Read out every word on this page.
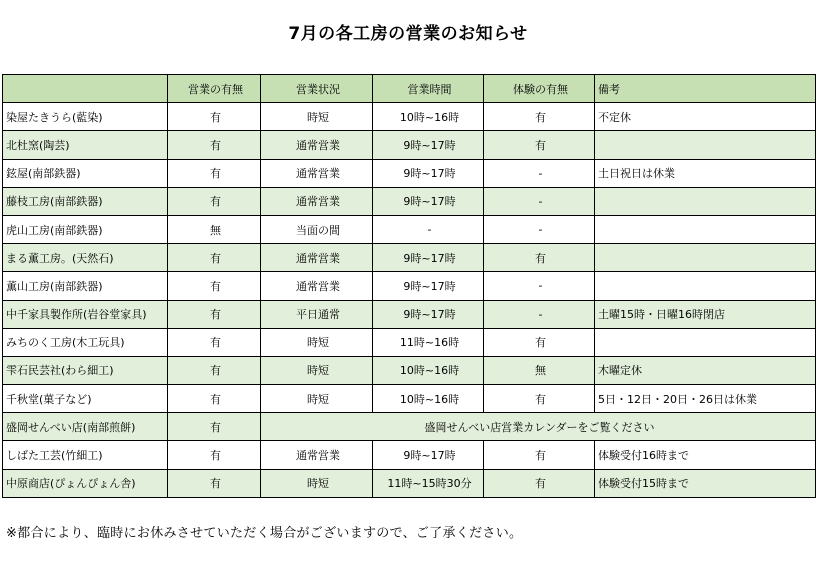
7月の各工房の営業のお知らせ
	営業の有無	営業状況	営業時間	体験の有無	備考
染屋たきうら(藍染)	有	時短	10時~16時	有	不定休
北杜窯(陶芸)	有	通常営業	9時~17時	有	
鉉屋(南部鉄器)	有	通常営業	9時~17時	-	土日祝日は休業
藤枝工房(南部鉄器)	有	通常営業	9時~17時	-	
虎山工房(南部鉄器)	無	当面の間	-	-	
まる薫工房。(天然石)	有	通常営業	9時~17時	有	
薫山工房(南部鉄器)	有	通常営業	9時~17時	-	
中千家具製作所(岩谷堂家具)	有	平日通常	9時~17時	-	土曜15時・日曜16時閉店
みちのく工房(木工玩具)	有	時短	11時~16時	有	
雫石民芸社(わら細工)	有	時短	10時~16時	無	木曜定休
千秋堂(菓子など)	有	時短	10時~16時	有	5日・12日・20日・26日は休業
盛岡せんべい店(南部煎餅)	有	盛岡せんべい店営業カレンダーをご覧ください			
しばた工芸(竹細工)	有	通常営業	9時~17時	有	体験受付16時まで
中原商店(ぴょんぴょん舎)	有	時短	11時~15時30分	有	体験受付15時まで
※都合により、臨時にお休みさせていただく場合がございますので、ご了承ください。
